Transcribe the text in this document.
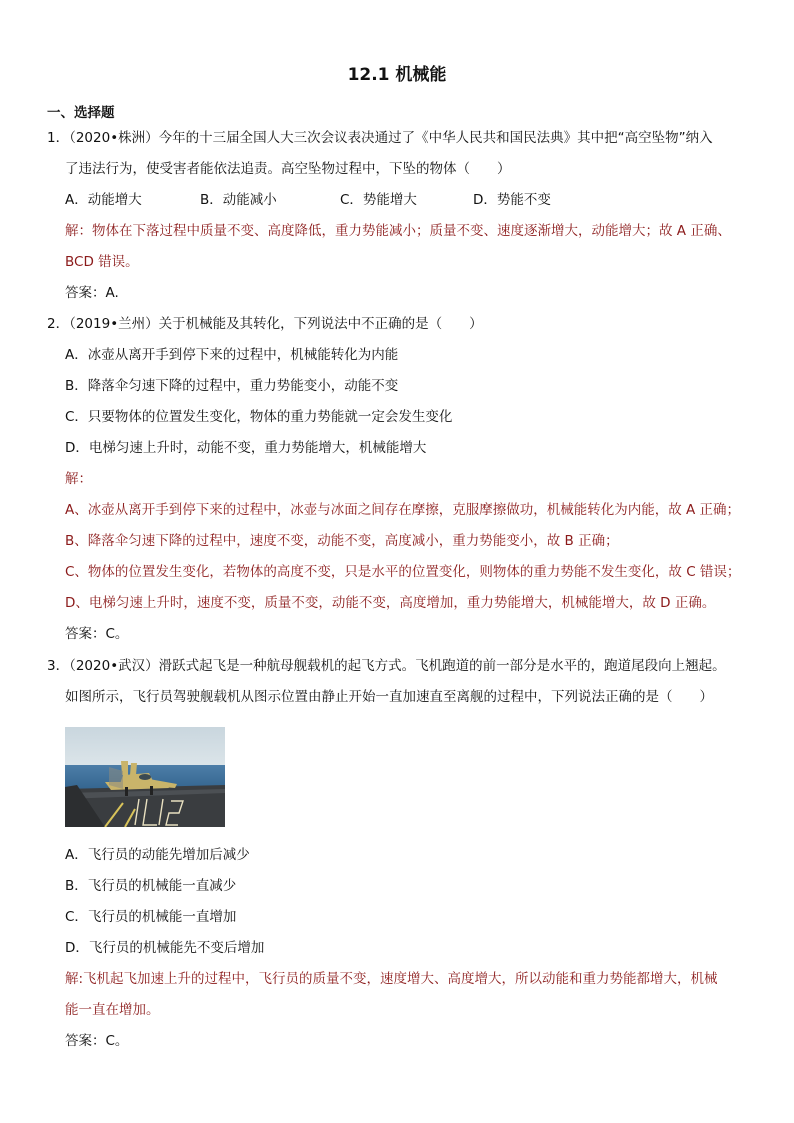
12.1 机械能
一、选择题
1．（2020•株洲）今年的十三届全国人大三次会议表决通过了《中华人民共和国民法典》其中把“高空坠物”纳入
了违法行为，使受害者能依法追责。高空坠物过程中，下坠的物体（　　）
A．动能增大	B．动能减小	C．势能增大	D．势能不变
解：物体在下落过程中质量不变、高度降低，重力势能减小；质量不变、速度逐渐增大，动能增大；故 A 正确、
BCD 错误。
答案：A.
2．（2019•兰州）关于机械能及其转化，下列说法中不正确的是（　　）
A．冰壶从离开手到停下来的过程中，机械能转化为内能
B．降落伞匀速下降的过程中，重力势能变小，动能不变
C．只要物体的位置发生变化，物体的重力势能就一定会发生变化
D．电梯匀速上升时，动能不变，重力势能增大，机械能增大
解：
A、冰壶从离开手到停下来的过程中，冰壶与冰面之间存在摩擦，克服摩擦做功，机械能转化为内能，故 A 正确；
B、降落伞匀速下降的过程中，速度不变，动能不变，高度减小，重力势能变小，故 B 正确；
C、物体的位置发生变化，若物体的高度不变，只是水平的位置变化，则物体的重力势能不发生变化，故 C 错误；
D、电梯匀速上升时，速度不变，质量不变，动能不变，高度增加，重力势能增大，机械能增大，故 D 正确。
答案：C。
3．（2020•武汉）滑跃式起飞是一种航母舰载机的起飞方式。飞机跑道的前一部分是水平的，跑道尾段向上翘起。
如图所示，飞行员驾驶舰载机从图示位置由静止开始一直加速直至离舰的过程中，下列说法正确的是（　　）
A．飞行员的动能先增加后减少
B．飞行员的机械能一直减少
C．飞行员的机械能一直增加
D．飞行员的机械能先不变后增加
解:飞机起飞加速上升的过程中，飞行员的质量不变，速度增大、高度增大，所以动能和重力势能都增大，机械
能一直在增加。
答案：C。
